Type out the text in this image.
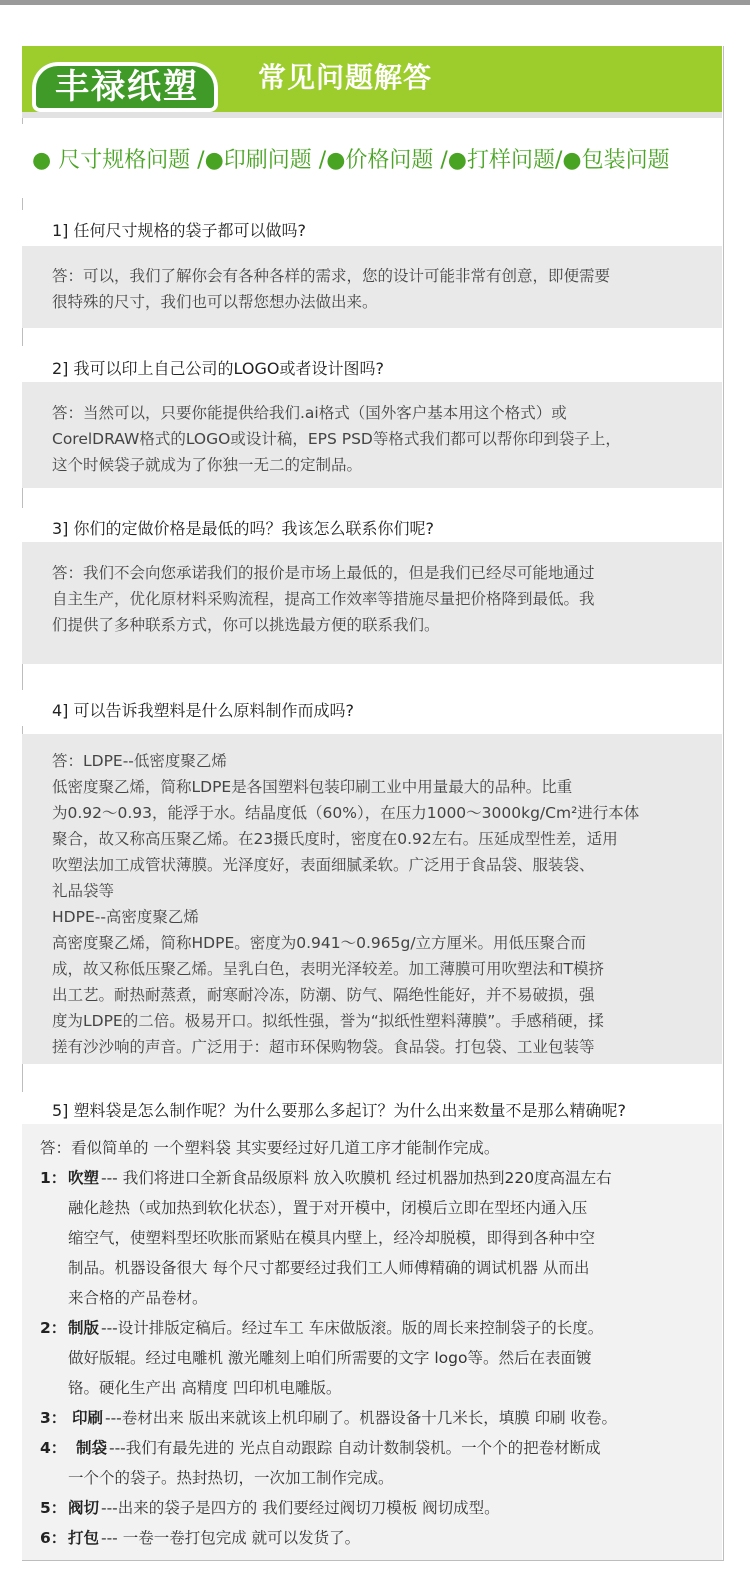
丰禄纸塑	常见问题解答
● 尺寸规格问题 /●印刷问题 /●价格问题 /●打样问题/●包装问题
1] 任何尺寸规格的袋子都可以做吗?

答：可以，我们了解你会有各种各样的需求，您的设计可能非常有创意，即便需要

很特殊的尺寸，我们也可以帮您想办法做出来。

2] 我可以印上自己公司的LOGO或者设计图吗?

答：当然可以，只要你能提供给我们.ai格式（国外客户基本用这个格式）或

CorelDRAW格式的LOGO或设计稿，EPS PSD等格式我们都可以帮你印到袋子上，

这个时候袋子就成为了你独一无二的定制品。

3] 你们的定做价格是最低的吗？我该怎么联系你们呢?

答：我们不会向您承诺我们的报价是市场上最低的，但是我们已经尽可能地通过

自主生产，优化原材料采购流程，提高工作效率等措施尽量把价格降到最低。我

们提供了多种联系方式，你可以挑选最方便的联系我们。

4] 可以告诉我塑料是什么原料制作而成吗?

答：LDPE--低密度聚乙烯

低密度聚乙烯，简称LDPE是各国塑料包装印刷工业中用量最大的品种。比重

为0.92～0.93，能浮于水。结晶度低（60%），在压力1000～3000kg/Cm²进行本体

聚合，故又称高压聚乙烯。在23摄氏度时，密度在0.92左右。压延成型性差，适用

吹塑法加工成管状薄膜。光泽度好，表面细腻柔软。广泛用于食品袋、服装袋、

礼品袋等

HDPE--高密度聚乙烯

高密度聚乙烯，简称HDPE。密度为0.941～0.965g/立方厘米。用低压聚合而

成，故又称低压聚乙烯。呈乳白色，表明光泽较差。加工薄膜可用吹塑法和T模挤

出工艺。耐热耐蒸煮，耐寒耐冷冻，防潮、防气、隔绝性能好，并不易破损，强

度为LDPE的二倍。极易开口。拟纸性强，誉为“拟纸性塑料薄膜”。手感稍硬，揉

搓有沙沙响的声音。广泛用于：超市环保购物袋。食品袋。打包袋、工业包装等

5] 塑料袋是怎么制作呢？为什么要那么多起订？为什么出来数量不是那么精确呢?
答：看似简单的 一个塑料袋 其实要经过好几道工序才能制作完成。
1： 吹塑 --- 我们将进口全新食品级原料 放入吹膜机 经过机器加热到220度高温左右
融化趁热（或加热到软化状态），置于对开模中，闭模后立即在型坯内通入压
缩空气，使塑料型坯吹胀而紧贴在模具内壁上，经冷却脱模，即得到各种中空
制品。机器设备很大 每个尺寸都要经过我们工人师傅精确的调试机器 从而出
来合格的产品卷材。
2： 制版 ---设计排版定稿后。经过车工 车床做版滚。版的周长来控制袋子的长度。
做好版辊。经过电雕机 激光雕刻上咱们所需要的文字 logo等。然后在表面镀
铬。硬化生产出 高精度 凹印机电雕版。
3： 印刷 ---卷材出来 版出来就该上机印刷了。机器设备十几米长，填膜 印刷 收卷。
4： 制袋 ---我们有最先进的 光点自动跟踪 自动计数制袋机。一个个的把卷材断成
一个个的袋子。热封热切，一次加工制作完成。
5： 阀切 ---出来的袋子是四方的 我们要经过阀切刀模板 阀切成型。
6： 打包 --- 一卷一卷打包完成 就可以发货了。
